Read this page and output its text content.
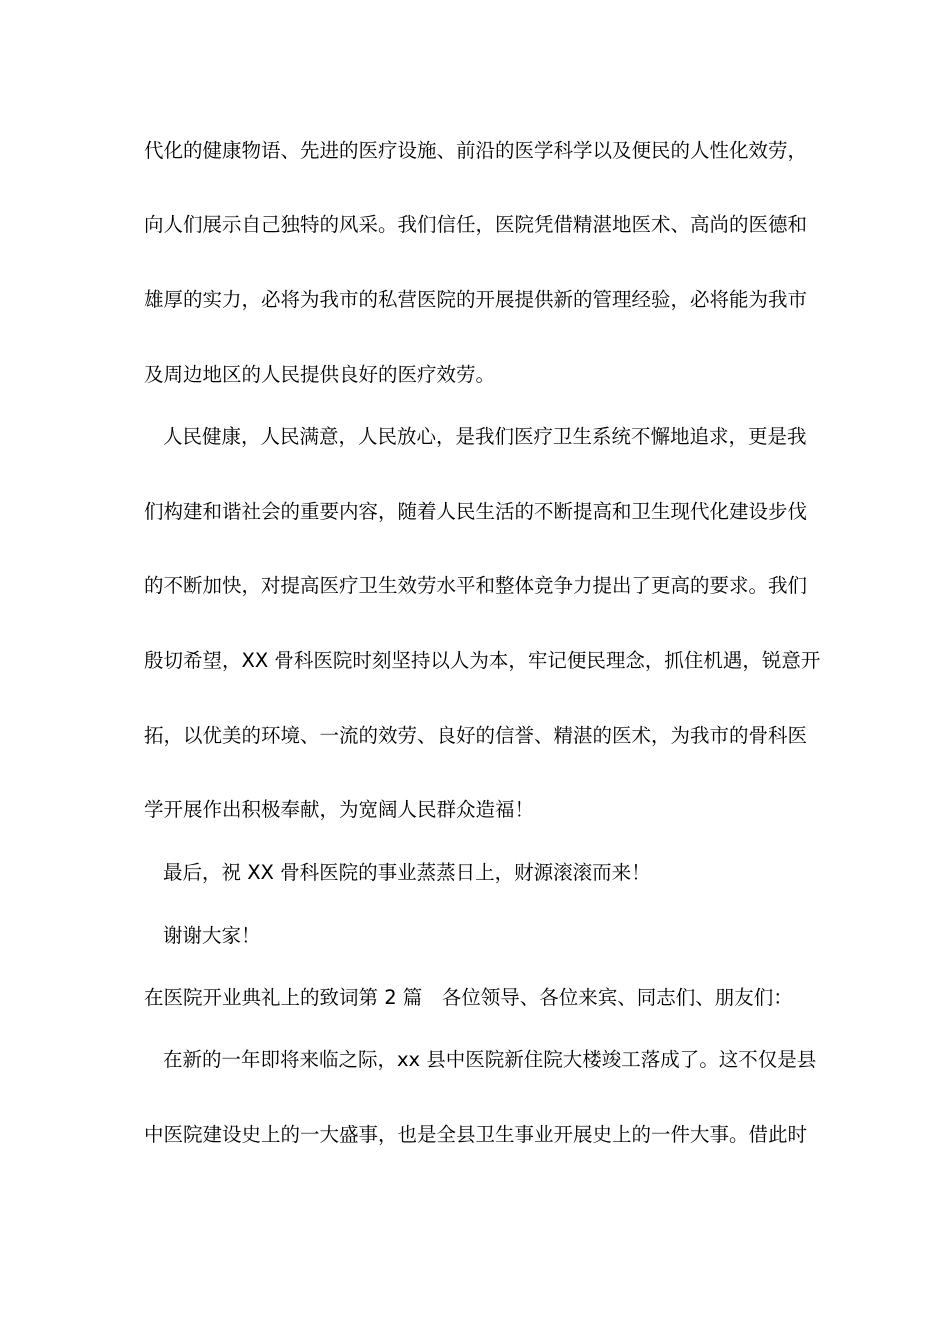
代化的健康物语、先进的医疗设施、前沿的医学科学以及便民的人性化效劳，
向人们展示自己独特的风采。我们信任，医院凭借精湛地医术、高尚的医德和
雄厚的实力，必将为我市的私营医院的开展提供新的管理经验，必将能为我市
及周边地区的人民提供良好的医疗效劳。
人民健康，人民满意，人民放心，是我们医疗卫生系统不懈地追求，更是我
们构建和谐社会的重要内容，随着人民生活的不断提高和卫生现代化建设步伐
的不断加快，对提高医疗卫生效劳水平和整体竞争力提出了更高的要求。我们
殷切希望，XX 骨科医院时刻坚持以人为本，牢记便民理念，抓住机遇，锐意开
拓，以优美的环境、一流的效劳、良好的信誉、精湛的医术，为我市的骨科医
学开展作出积极奉献，为宽阔人民群众造福！
最后，祝 XX 骨科医院的事业蒸蒸日上，财源滚滚而来！
谢谢大家！
在医院开业典礼上的致词第 2 篇　各位领导、各位来宾、同志们、朋友们：
在新的一年即将来临之际，xx 县中医院新住院大楼竣工落成了。这不仅是县
中医院建设史上的一大盛事，也是全县卫生事业开展史上的一件大事。借此时
